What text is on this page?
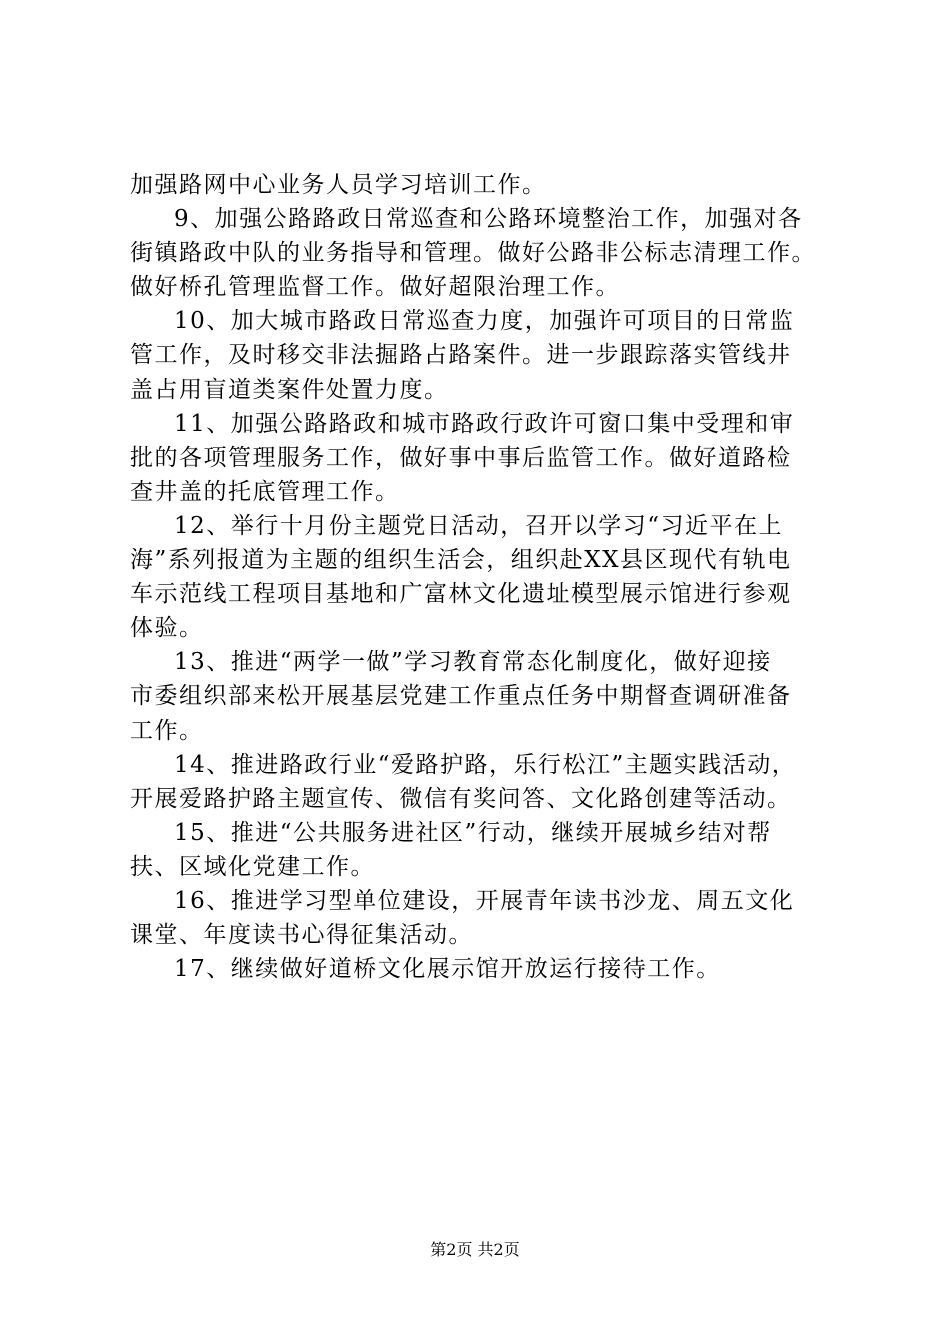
加强路网中心业务人员学习培训工作。
9、加强公路路政日常巡查和公路环境整治工作，加强对各
街镇路政中队的业务指导和管理。做好公路非公标志清理工作。
做好桥孔管理监督工作。做好超限治理工作。
10、加大城市路政日常巡查力度，加强许可项目的日常监
管工作，及时移交非法掘路占路案件。进一步跟踪落实管线井
盖占用盲道类案件处置力度。
11、加强公路路政和城市路政行政许可窗口集中受理和审
批的各项管理服务工作，做好事中事后监管工作。做好道路检
查井盖的托底管理工作。
12、举行十月份主题党日活动，召开以学习“习近平在上
海”系列报道为主题的组织生活会，组织赴XX县区现代有轨电
车示范线工程项目基地和广富林文化遗址模型展示馆进行参观
体验。
13、推进“两学一做”学习教育常态化制度化，做好迎接
市委组织部来松开展基层党建工作重点任务中期督查调研准备
工作。
14、推进路政行业“爱路护路，乐行松江”主题实践活动，
开展爱路护路主题宣传、微信有奖问答、文化路创建等活动。
15、推进“公共服务进社区”行动，继续开展城乡结对帮
扶、区域化党建工作。
16、推进学习型单位建设，开展青年读书沙龙、周五文化
课堂、年度读书心得征集活动。
17、继续做好道桥文化展示馆开放运行接待工作。
第2页 共2页
